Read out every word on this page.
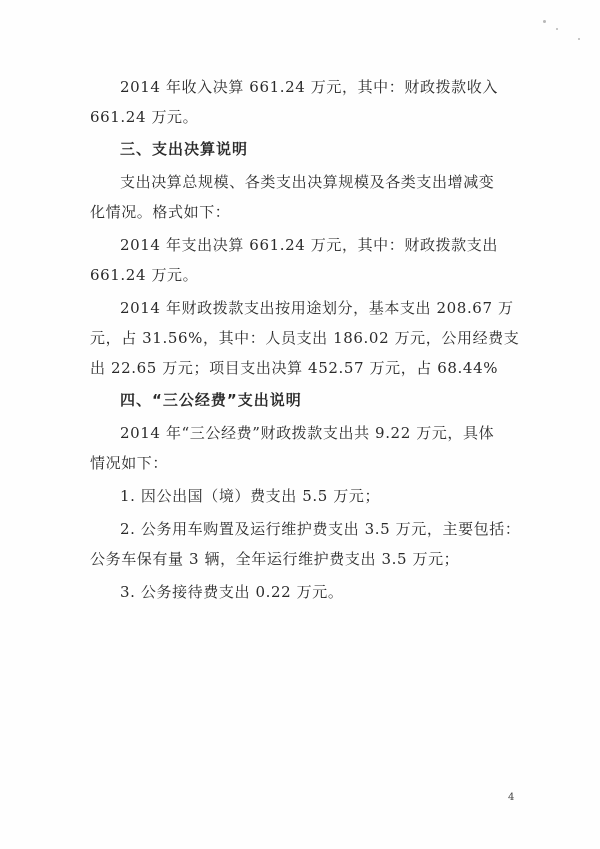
2014 年收入决算 661.24 万元，其中：财政拨款收入
661.24 万元。
三、支出决算说明
支出决算总规模、各类支出决算规模及各类支出增减变
化情况。格式如下：
2014 年支出决算 661.24 万元，其中：财政拨款支出
661.24 万元。
2014 年财政拨款支出按用途划分，基本支出 208.67 万
元，占 31.56%，其中：人员支出 186.02 万元，公用经费支
出 22.65 万元；项目支出决算 452.57 万元，占 68.44%
四、“三公经费”支出说明
2014 年“三公经费”财政拨款支出共 9.22 万元，具体
情况如下：
1. 因公出国（境）费支出 5.5 万元；
2. 公务用车购置及运行维护费支出 3.5 万元，主要包括：
公务车保有量 3 辆，全年运行维护费支出 3.5 万元；
3. 公务接待费支出 0.22 万元。
4
